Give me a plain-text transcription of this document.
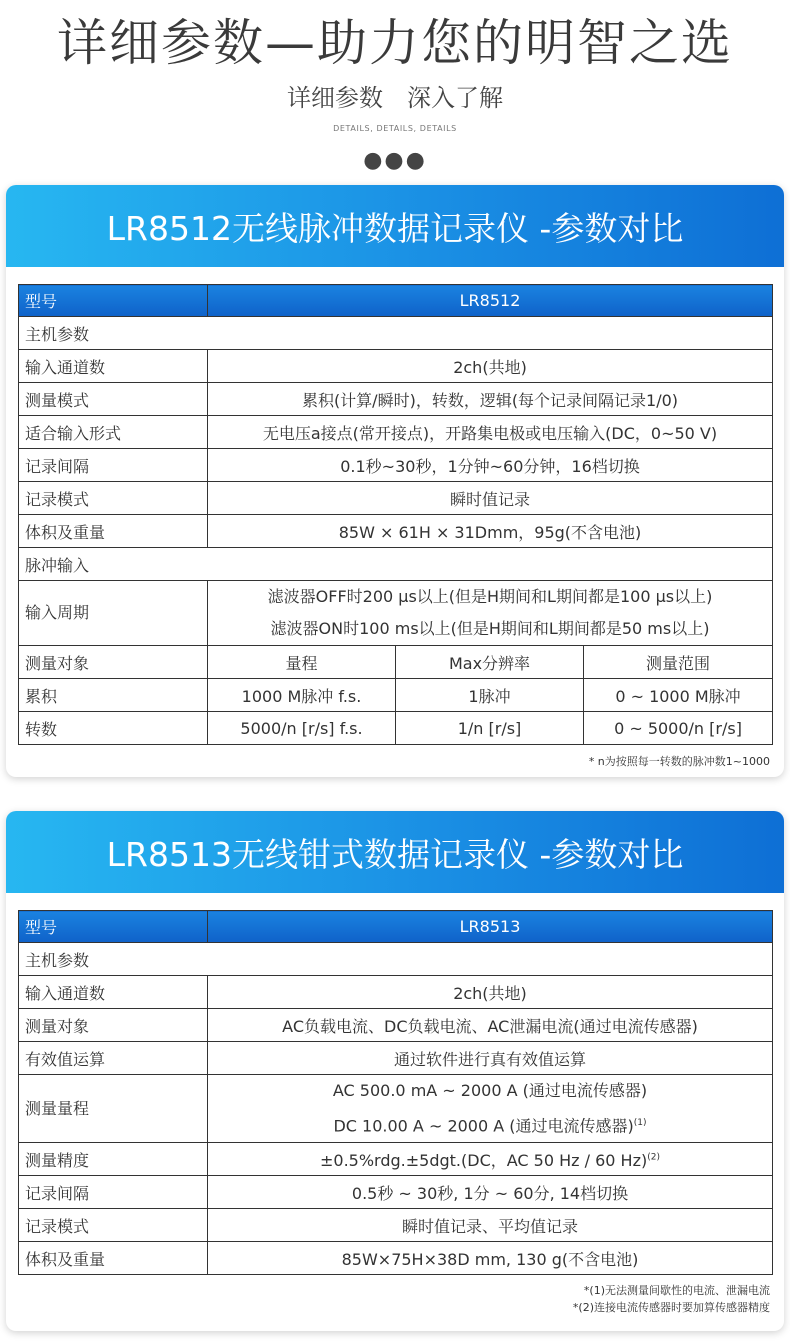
详细参数—助力您的明智之选
详细参数　深入了解
DETAILS, DETAILS, DETAILS
●●●
LR8512无线脉冲数据记录仪 -参数对比
型号	LR8512		
主机参数			
输入通道数	2ch(共地)		
测量模式	累积(计算/瞬时)，转数，逻辑(每个记录间隔记录1/0)		
适合输入形式	无电压a接点(常开接点)，开路集电极或电压输入(DC，0~50 V)		
记录间隔	0.1秒~30秒，1分钟~60分钟，16档切换		
记录模式	瞬时值记录		
体积及重量	85W × 61H × 31Dmm，95g(不含电池)		
脉冲输入			
输入周期	滤波器OFF时200 μs以上(但是H期间和L期间都是100 μs以上)
滤波器ON时100 ms以上(但是H期间和L期间都是50 ms以上)		

测量对象	量程	Max分辨率	测量范围
累积	1000 M脉冲 f.s.	1脉冲	0 ~ 1000 M脉冲
转数	5000/n [r/s] f.s.	1/n [r/s]	0 ~ 5000/n [r/s]
* n为按照每一转数的脉冲数1~1000
LR8513无线钳式数据记录仪 -参数对比
型号	LR8513
主机参数	
输入通道数	2ch(共地)
测量对象	AC负载电流、DC负载电流、AC泄漏电流(通过电流传感器)
有效值运算	通过软件进行真有效值运算
测量量程	AC 500.0 mA ~ 2000 A (通过电流传感器)
DC 10.00 A ~ 2000 A (通过电流传感器)$^{(1)}$

测量精度	±0.5%rdg.±5dgt.(DC，AC 50 Hz / 60 Hz)$^{(2)}$
记录间隔	0.5秒 ~ 30秒, 1分 ~ 60分, 14档切换
记录模式	瞬时值记录、平均值记录
体积及重量	85W×75H×38D mm, 130 g(不含电池)
*(1)无法测量间歇性的电流、泄漏电流
*(2)连接电流传感器时要加算传感器精度
